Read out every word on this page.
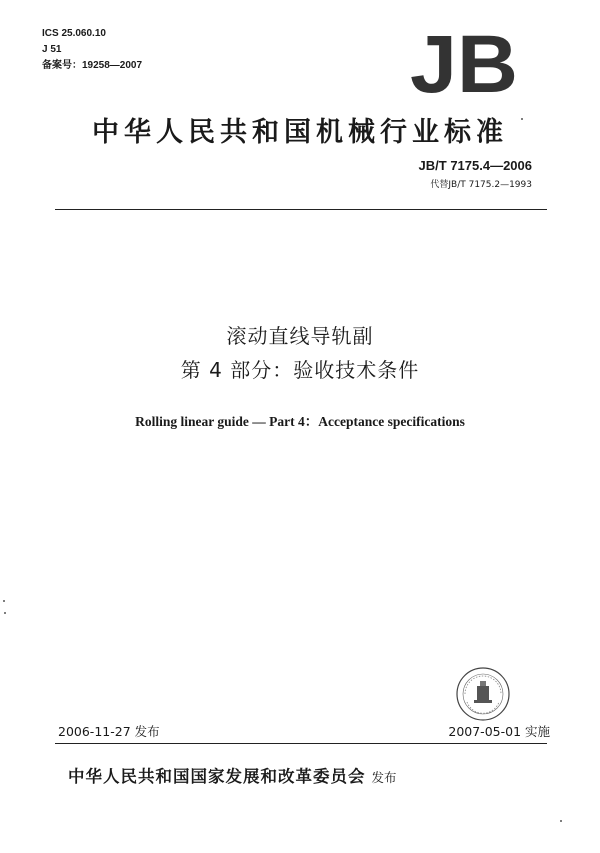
ICS 25.060.10
J 51
备案号：19258—2007	JB
中华人民共和国机械行业标准
JB/T 7175.4—2006
代替JB/T 7175.2—1993
滚动直线导轨副
第 4 部分：验收技术条件
Rolling linear guide — Part 4：Acceptance specifications
2006-11-27 发布	2007-05-01 实施
中华人民共和国国家发展和改革委员会 发布
